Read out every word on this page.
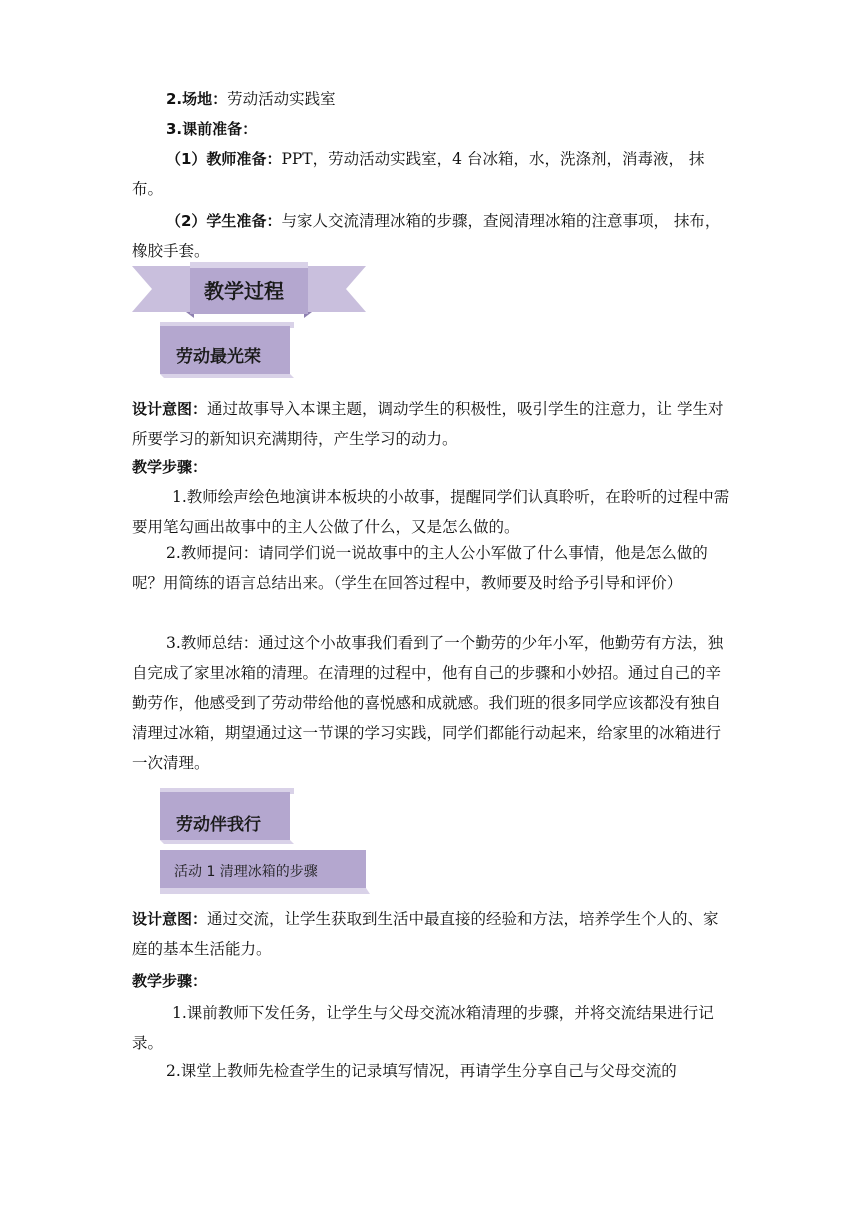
2.场地：劳动活动实践室

3.课前准备：

（1）教师准备：PPT，劳动活动实践室，4 台冰箱，水，洗涤剂，消毒液， 抹布。

（2）学生准备：与家人交流清理冰箱的步骤，查阅清理冰箱的注意事项， 抹布，橡胶手套。

教学过程
劳动最光荣

设计意图：通过故事导入本课主题，调动学生的积极性，吸引学生的注意力，让 学生对所要学习的新知识充满期待，产生学习的动力。

教学步骤：

1.教师绘声绘色地演讲本板块的小故事，提醒同学们认真聆听，在聆听的过程中需要用笔勾画出故事中的主人公做了什么，又是怎么做的。

2.教师提问：请同学们说一说故事中的主人公小军做了什么事情，他是怎么做的呢？用简练的语言总结出来。（学生在回答过程中，教师要及时给予引导和评价）

3.教师总结：通过这个小故事我们看到了一个勤劳的少年小军，他勤劳有方法，独自完成了家里冰箱的清理。在清理的过程中，他有自己的步骤和小妙招。通过自己的辛勤劳作，他感受到了劳动带给他的喜悦感和成就感。我们班的很多同学应该都没有独自清理过冰箱，期望通过这一节课的学习实践，同学们都能行动起来，给家里的冰箱进行一次清理。

劳动伴我行
活动 1 清理冰箱的步骤

设计意图：通过交流，让学生获取到生活中最直接的经验和方法，培养学生个人的、家庭的基本生活能力。

教学步骤：

1.课前教师下发任务，让学生与父母交流冰箱清理的步骤，并将交流结果进行记录。

2.课堂上教师先检查学生的记录填写情况，再请学生分享自己与父母交流的
